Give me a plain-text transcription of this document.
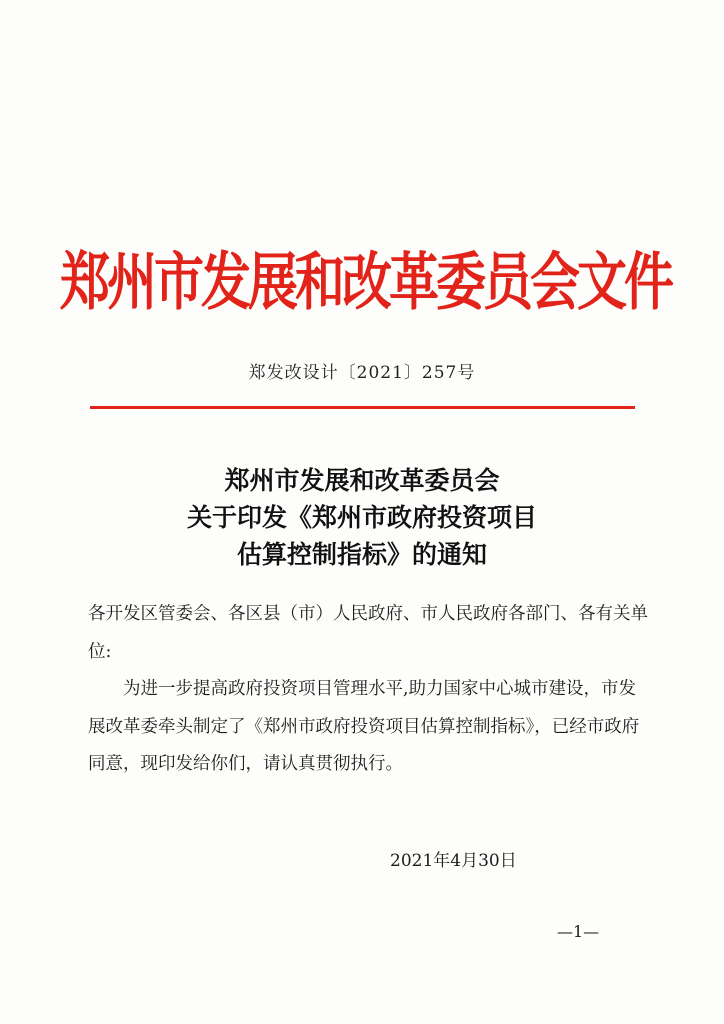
郑州市发展和改革委员会文件
郑发改设计〔2021〕257号
郑州市发展和改革委员会
关于印发《郑州市政府投资项目
估算控制指标》的通知

各开发区管委会、各区县（市）人民政府、市人民政府各部门、各有关单位:

为进一步提高政府投资项目管理水平,助力国家中心城市建设，市发展改革委牵头制定了《郑州市政府投资项目估算控制指标》，已经市政府同意，现印发给你们，请认真贯彻执行。

2021年4月30日
—1—
